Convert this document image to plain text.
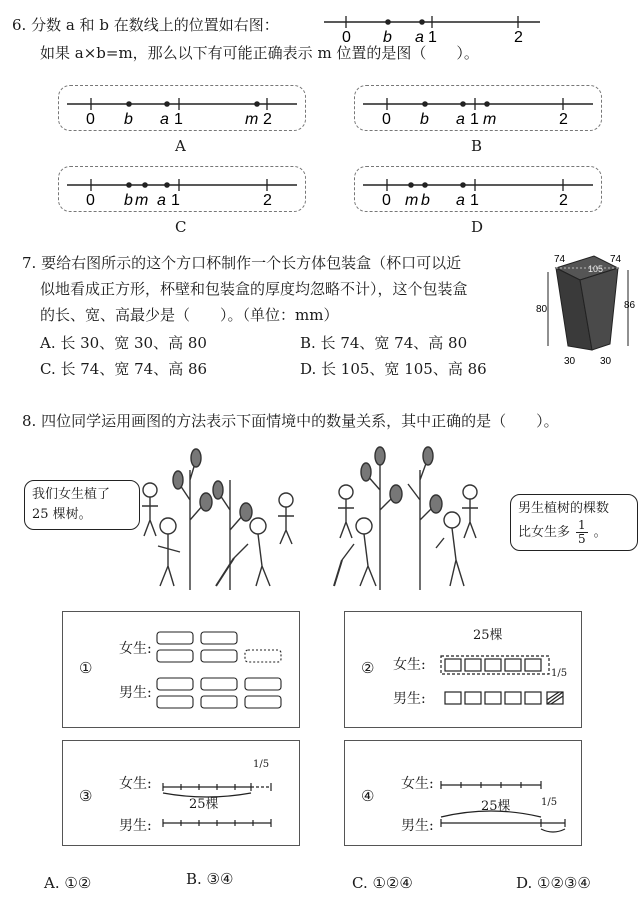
6. 分数 a 和 b 在数线上的位置如右图：
如果 a×b=m，那么以下有可能正确表示 m 位置的是图（　　）。
0 b a 1	2
0 b a 1	m 2
A
0 b a 1 m	2
B
0 b m a 1	2
C
0 m b a 1	2
D
7. 要给右图所示的这个方口杯制作一个长方体包装盒（杯口可以近
似地看成正方形，杯壁和包装盒的厚度均忽略不计），这个包装盒
的长、宽、高最少是（　　）。（单位：mm）
A. 长 30、宽 30、高 80	B. 长 74、宽 74、高 80
C. 长 74、宽 74、高 86	D. 长 105、宽 105、高 86
74	74
105
80	86
30 30
8. 四位同学运用画图的方法表示下面情境中的数量关系，其中正确的是（　　）。
我们女生植了
25 棵树。	男生植树的棵数
比女生多 1
5 。
①
女生:
男生:
② 女生:
男生:
25棵
1/5
③
女生:
男生:
25棵
1/5
④
女生:
男生:
25棵	1/5
A. ①②	B. ③④	C. ①②④	D. ①②③④
